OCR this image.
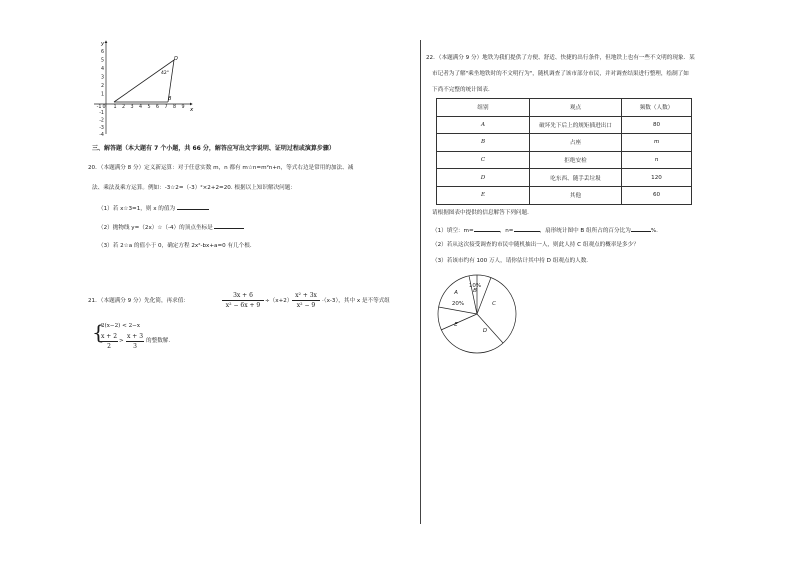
y
x
6
5
4
3
2
1
-1
-2
-3
-4
-1 0 1 2 3 4 5 6 7 8 9
D
B
42°
三、解答题（本大题有 7 个小题，共 66 分，解答应写出文字说明、证明过程或演算步骤）
20．（本题满分 8 分）定义新运算：对于任意实数 m，n 都有 m☆n=m²n+n，等式右边是常用的加法、减
法、乘法及乘方运算。例如：-3☆2=（-3）²×2+2=20. 根据以上知识解决问题：
（1）若 x☆3=1，则 x 的值为
（2）抛物线 y=（2x）☆（-4）的顶点坐标是
（3）若 2☆a 的值小于 0，确定方程 2x²-bx+a=0 有几个根．
21．（本题满分 9 分）先化简，再求值：	$\frac{3x + 6}{\text{x² − 6x + 9}} \div(x+2) \frac{\text{x² + 3x}}{\text{x² − 9}} \cdot(x-3)$，其中 x 是不等式组
{
2(x−2) < 2−x
$\frac{x + 2}{2} > \frac{x + 3}{3}$ 的整数解.
22．（本题满分 9 分）地铁为我们提供了方便、舒适、快捷的出行条件，但地铁上也有一些不文明的现象．某
市记者为了解"乘坐地铁时的不文明行为"，随机调查了该市部分市民，并对调查结果进行整理，绘制了如
下尚不完整的统计图表．
组别	观点	频数（人数）
A	破坏先下后上的规矩插进出口	80
B	占座	m
C	拒绝安检	n
D	吃东西、随手丢垃圾	120
E	其他	60
请根据图表中提供的信息解答下列问题．
（1）填空：m=	，n=	，扇形统计图中 B 组所占的百分比为	%.
（2）若从这次接受调查的市民中随机抽出一人，则此人持 C 组观点的概率是多少？
（3）若该市约有 100 万人，请你估计其中持 D 组观点的人数．
10%
B
A
20%	C
D
E
